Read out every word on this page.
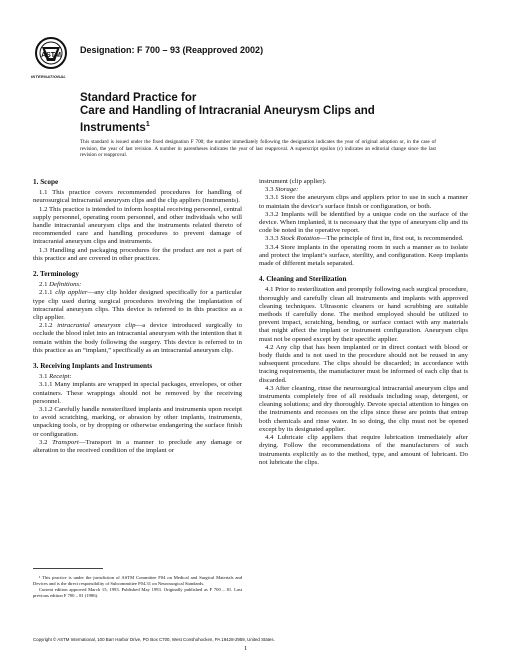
ASTM
INTERNATIONAL
Designation: F 700 – 93 (Reapproved 2002)
Standard Practice for
Care and Handling of Intracranial Aneurysm Clips and Instruments$^1$
This standard is issued under the fixed designation F 700; the number immediately following the designation indicates the year of original adoption or, in the case of revision, the year of last revision. A number in parentheses indicates the year of last reapproval. A superscript epsilon (ε) indicates an editorial change since the last revision or reapproval.
1. Scope

1.1 This practice covers recommended procedures for handling of neurosurgical intracranial aneurysm clips and the clip appliers (instruments).

1.2 This practice is intended to inform hospital receiving personnel, central supply personnel, operating room personnel, and other individuals who will handle intracranial aneurysm clips and the instruments related thereto of recommended care and handling procedures to prevent damage of intracranial aneurysm clips and instruments.

1.3 Handling and packaging procedures for the product are not a part of this practice and are covered in other practices.

2. Terminology

2.1 Definitions:

2.1.1 clip applier—any clip holder designed specifically for a particular type clip used during surgical procedures involving the implantation of intracranial aneurysm clips. This device is referred to in this practice as a clip applier.

2.1.2 intracranial aneurysm clip—a device introduced surgically to occlude the blood inlet into an intracranial aneurysm with the intention that it remain within the body following the surgery. This device is referred to in this practice as an “implant,” specifically as an intracranial aneurysm clip.

3. Receiving Implants and Instruments

3.1 Receipt:

3.1.1 Many implants are wrapped in special packages, envelopes, or other containers. These wrappings should not be removed by the receiving personnel.

3.1.2 Carefully handle nonsterilized implants and instruments upon receipt to avoid scratching, marking, or abrasion by other implants, instruments, unpacking tools, or by dropping or otherwise endangering the surface finish or configuration.

3.2 Transport—Transport in a manner to preclude any damage or alteration to the received condition of the implant or

instrument (clip applier).

3.3 Storage:

3.3.1 Store the aneurysm clips and appliers prior to use in such a manner to maintain the device’s surface finish or configuration, or both.

3.3.2 Implants will be identified by a unique code on the surface of the device. When implanted, it is necessary that the type of aneurysm clip and its code be noted in the operative report.

3.3.3 Stock Rotation—The principle of first in, first out, is recommended.

3.3.4 Store implants in the operating room in such a manner as to isolate and protect the implant’s surface, sterility, and configuration. Keep implants made of different metals separated.

4. Cleaning and Sterilization

4.1 Prior to resterilization and promptly following each surgical procedure, thoroughly and carefully clean all instruments and implants with approved cleaning techniques. Ultrasonic cleaners or hand scrubbing are suitable methods if carefully done. The method employed should be utilized to prevent impact, scratching, bending, or surface contact with any materials that might affect the implant or instrument configuration. Aneurysm clips must not be opened except by their specific applier.

4.2 Any clip that has been implanted or in direct contact with blood or body fluids and is not used in the procedure should not be reused in any subsequent procedure. The clips should be discarded; in accordance with tracing requirements, the manufacturer must be informed of each clip that is discarded.

4.3 After cleaning, rinse the neurosurgical intracranial aneurysm clips and instruments completely free of all residuals including soap, detergent, or cleaning solutions; and dry thoroughly. Devote special attention to hinges on the instruments and recesses on the clips since these are points that entrap both chemicals and rinse water. In so doing, the clip must not be opened except by its designated applier.

4.4 Lubricate clip appliers that require lubrication immediately after drying. Follow the recommendations of the manufacturers of such instruments explicitly as to the method, type, and amount of lubricant. Do not lubricate the clips.

¹ This practice is under the jurisdiction of ASTM Committee F04 on Medical and Surgical Materials and Devices and is the direct responsibility of Subcommittee F04.31 on Neurosurgical Standards.

Current edition approved March 15, 1993. Published May 1993. Originally published as F 700 – 81. Last previous edition F 700 – 81 (1986).

Copyright © ASTM International, 100 Barr Harbor Drive, PO Box C700, West Conshohocken, PA 19428-2959, United States.
1
